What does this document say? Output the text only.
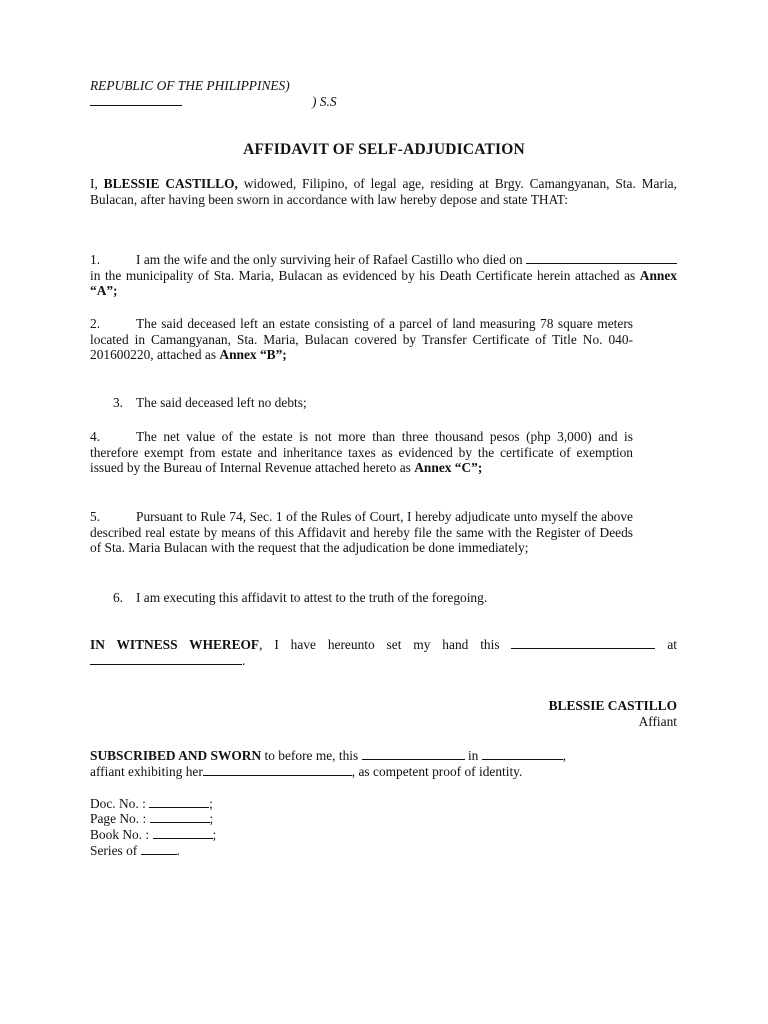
REPUBLIC OF THE PHILIPPINES)
) S.S
AFFIDAVIT OF SELF-ADJUDICATION
I, BLESSIE CASTILLO, widowed, Filipino, of legal age, residing at Brgy. Camangyanan, Sta. Maria, Bulacan, after having been sworn in accordance with law hereby depose and state THAT:
1.	I am the wife and the only surviving heir of Rafael Castillo who died on  in the municipality of Sta. Maria, Bulacan as evidenced by his Death Certificate herein attached as Annex “A”;
2.	The said deceased left an estate consisting of a parcel of land measuring 78 square meters located in Camangyanan, Sta. Maria, Bulacan covered by Transfer Certificate of Title No. 040-201600220, attached as Annex “B”;
3. The said deceased left no debts;
4.	The net value of the estate is not more than three thousand pesos (php 3,000) and is therefore exempt from estate and inheritance taxes as evidenced by the certificate of exemption issued by the Bureau of Internal Revenue attached hereto as Annex “C”;
5.	Pursuant to Rule 74, Sec. 1 of the Rules of Court, I hereby adjudicate unto myself the above described real estate by means of this Affidavit and hereby file the same with the Register of Deeds of Sta. Maria Bulacan with the request that the adjudication be done immediately;
6. I am executing this affidavit to attest to the truth of the foregoing.
IN WITNESS WHEREOF, I have hereunto set my hand this	at .
BLESSIE CASTILLO
Affiant
SUBSCRIBED AND SWORN to before me, this	in	,
affiant exhibiting her	, as competent proof of identity.
Doc. No. :	;
Page No. :	;
Book No. :	;
Series of	.
